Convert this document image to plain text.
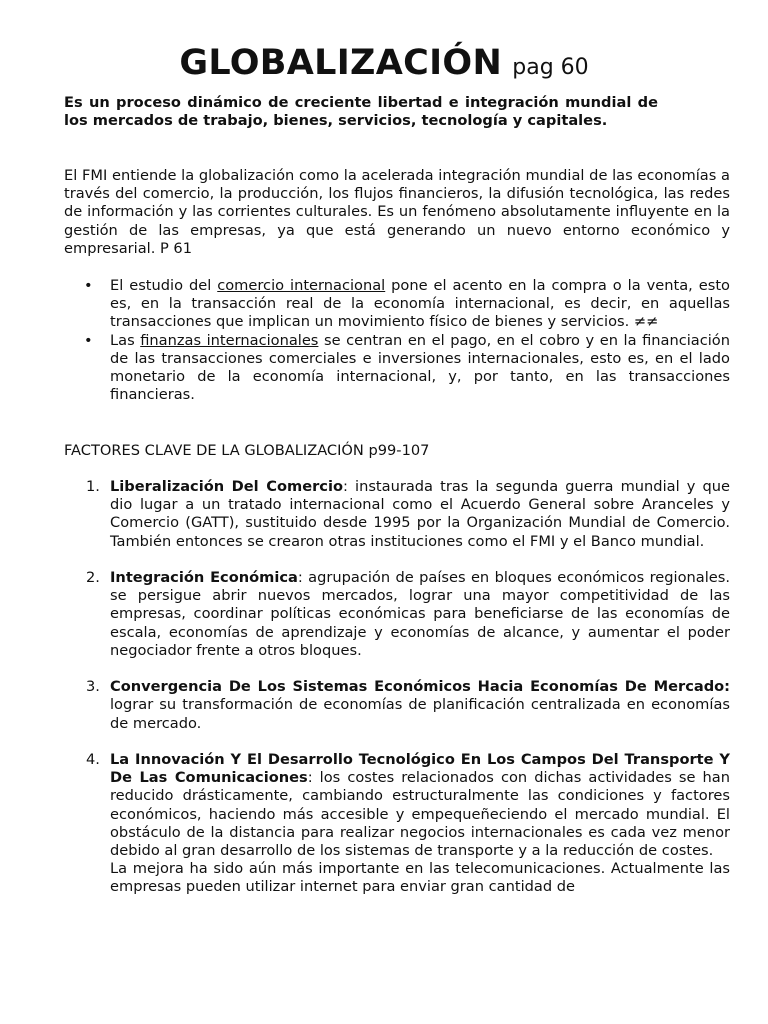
GLOBALIZACIÓN pag 60

Es un proceso dinámico de creciente libertad e integración mundial de los mercados de trabajo, bienes, servicios, tecnología y capitales.

El FMI entiende la globalización como la acelerada integración mundial de las economías a través del comercio, la producción, los flujos financieros, la difusión tecnológica, las redes de información y las corrientes culturales. Es un fenómeno absolutamente influyente en la gestión de las empresas, ya que está generando un nuevo entorno económico y empresarial. P 61

• El estudio del comercio internacional pone el acento en la compra o la venta, esto es, en la transacción real de la economía internacional, es decir, en aquellas transacciones que implican un movimiento físico de bienes y servicios. ≠≠
• Las finanzas internacionales se centran en el pago, en el cobro y en la financiación de las transacciones comerciales e inversiones internacionales, esto es, en el lado monetario de la economía internacional, y, por tanto, en las transacciones financieras.

FACTORES CLAVE DE LA GLOBALIZACIÓN p99-107

1. Liberalización Del Comercio: instaurada tras la segunda guerra mundial y que dio lugar a un tratado internacional como el Acuerdo General sobre Aranceles y Comercio (GATT), sustituido desde 1995 por la Organización Mundial de Comercio. También entonces se crearon otras instituciones como el FMI y el Banco mundial.
2. Integración Económica: agrupación de países en bloques económicos regionales. se persigue abrir nuevos mercados, lograr una mayor competitividad de las empresas, coordinar políticas económicas para beneficiarse de las economías de escala, economías de aprendizaje y economías de alcance, y aumentar el poder negociador frente a otros bloques.
3. Convergencia De Los Sistemas Económicos Hacia Economías De Mercado: lograr su transformación de economías de planificación centralizada en economías de mercado.
4. La Innovación Y El Desarrollo Tecnológico En Los Campos Del Transporte Y De Las Comunicaciones: los costes relacionados con dichas actividades se han reducido drásticamente, cambiando estructuralmente las condiciones y factores económicos, haciendo más accesible y empequeñeciendo el mercado mundial. El obstáculo de la distancia para realizar negocios internacionales es cada vez menor debido al gran desarrollo de los sistemas de transporte y a la reducción de costes.

La mejora ha sido aún más importante en las telecomunicaciones. Actualmente las empresas pueden utilizar internet para enviar gran cantidad de
